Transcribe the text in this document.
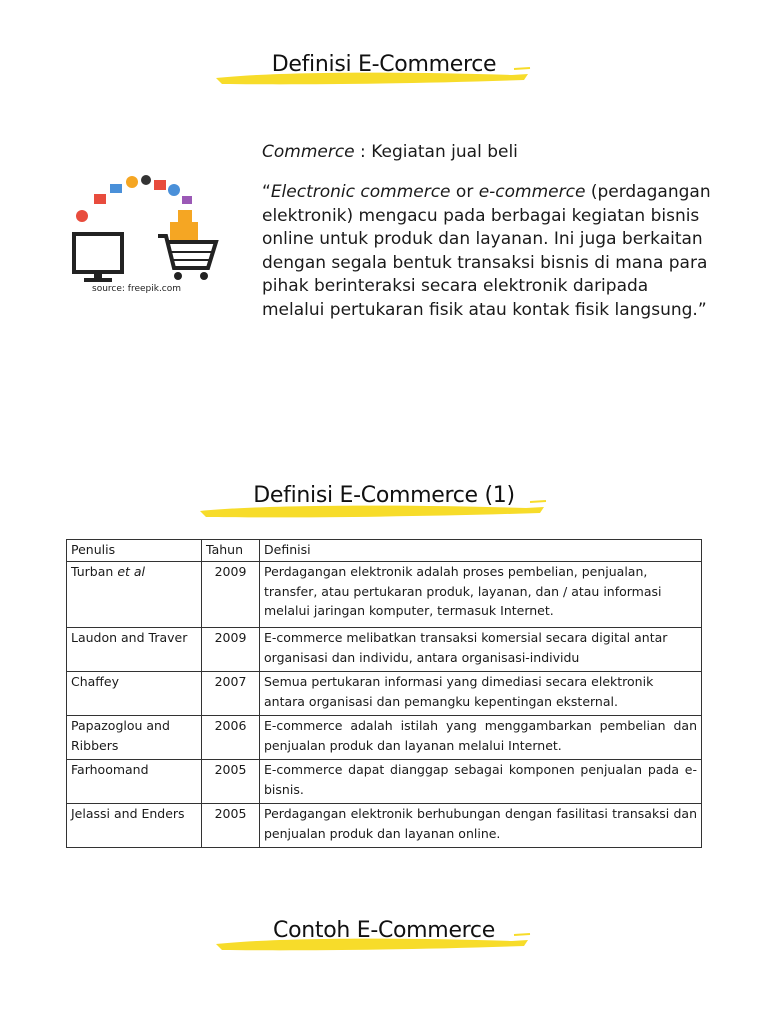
Definisi E-Commerce
source: freepik.com
Commerce : Kegiatan jual beli
“Electronic commerce or e-commerce (perdagangan elektronik) mengacu pada berbagai kegiatan bisnis online untuk produk dan layanan. Ini juga berkaitan dengan segala bentuk transaksi bisnis di mana para pihak berinteraksi secara elektronik daripada melalui pertukaran fisik atau kontak fisik langsung.”
Definisi E-Commerce (1)
Penulis	Tahun	Definisi
Turban et al	2009	Perdagangan elektronik adalah proses pembelian, penjualan, transfer, atau pertukaran produk, layanan, dan / atau informasi melalui jaringan komputer, termasuk Internet.
Laudon and Traver	2009	E-commerce melibatkan transaksi komersial secara digital antar organisasi dan individu, antara organisasi-individu
Chaffey	2007	Semua pertukaran informasi yang dimediasi secara elektronik antara organisasi dan pemangku kepentingan eksternal.
Papazoglou and Ribbers	2006	E-commerce adalah istilah yang menggambarkan pembelian dan penjualan produk dan layanan melalui Internet.
Farhoomand	2005	E-commerce dapat dianggap sebagai komponen penjualan pada e-bisnis.
Jelassi and Enders	2005	Perdagangan elektronik berhubungan dengan fasilitasi transaksi dan penjualan produk dan layanan online.
Contoh E-Commerce
